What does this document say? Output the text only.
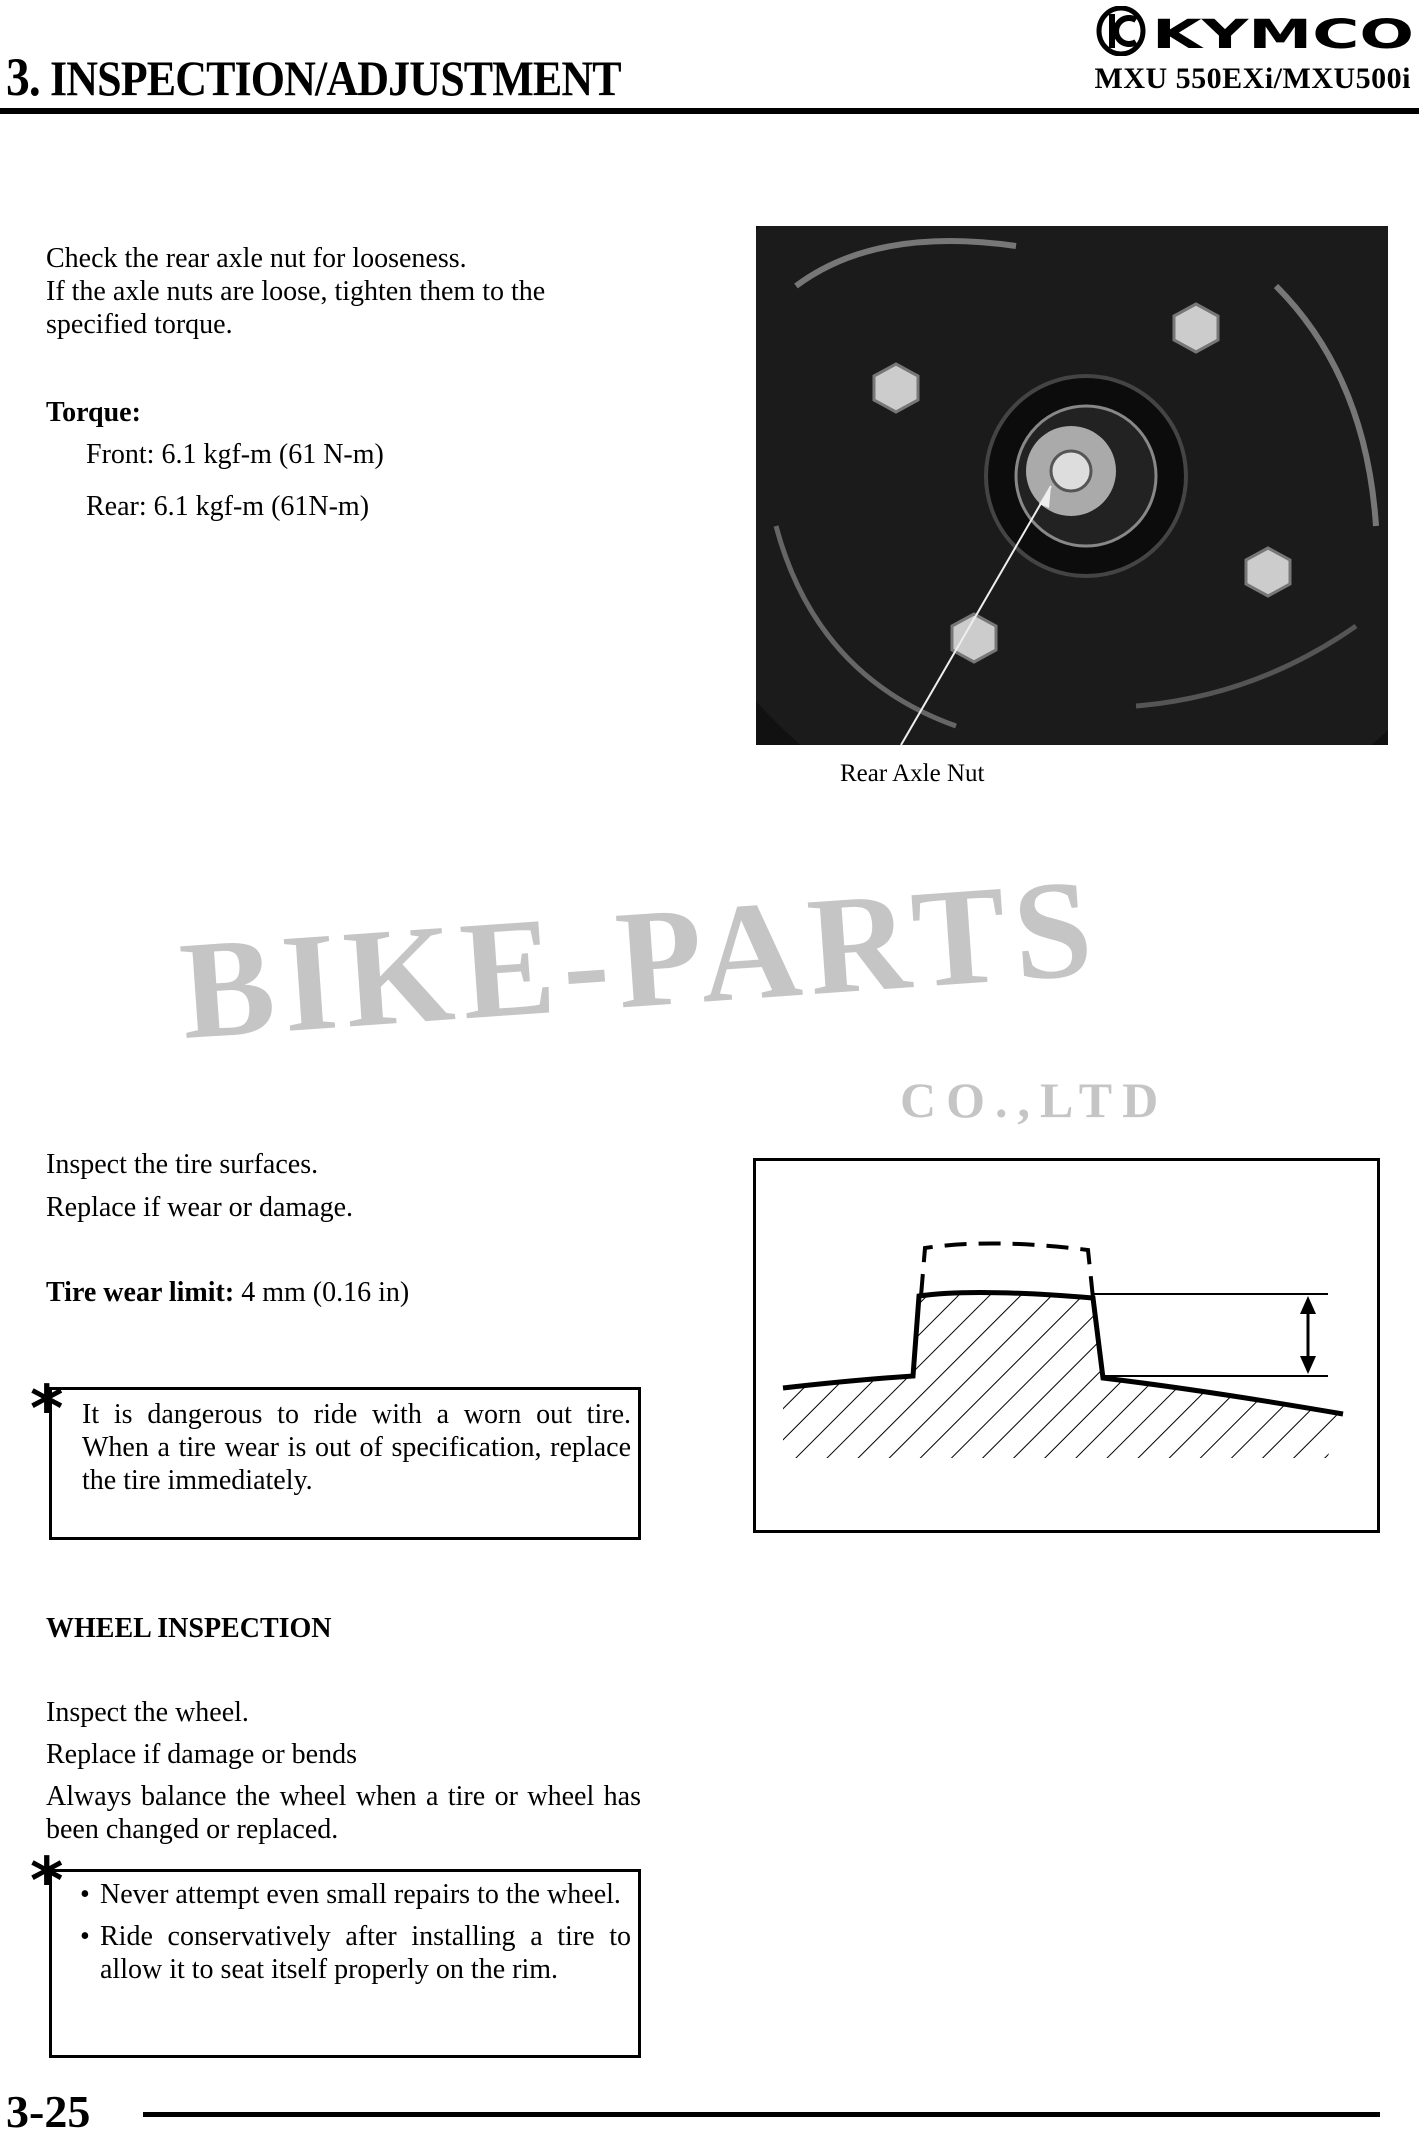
3. INSPECTION/ADJUSTMENT
KYMCO
MXU 550EXi/MXU500i
BIKE-PARTS
CO.,LTD
Check the rear axle nut for looseness.
If the axle nuts are loose, tighten them to the specified torque.
Torque:
Front: 6.1 kgf-m (61 N-m)
Rear: 6.1 kgf-m (61N-m)
Rear Axle Nut
Inspect the tire surfaces.
Replace if wear or damage.
Tire wear limit: 4 mm (0.16 in)
* It is dangerous to ride with a worn out tire. When a tire wear is out of specification, replace the tire immediately.
WHEEL INSPECTION
Inspect the wheel.
Replace if damage or bends
Always balance the wheel when a tire or wheel has been changed or replaced.
* • Never attempt even small repairs to the wheel.
• Ride conservatively after installing a tire to allow it to seat itself properly on the rim.
3-25
